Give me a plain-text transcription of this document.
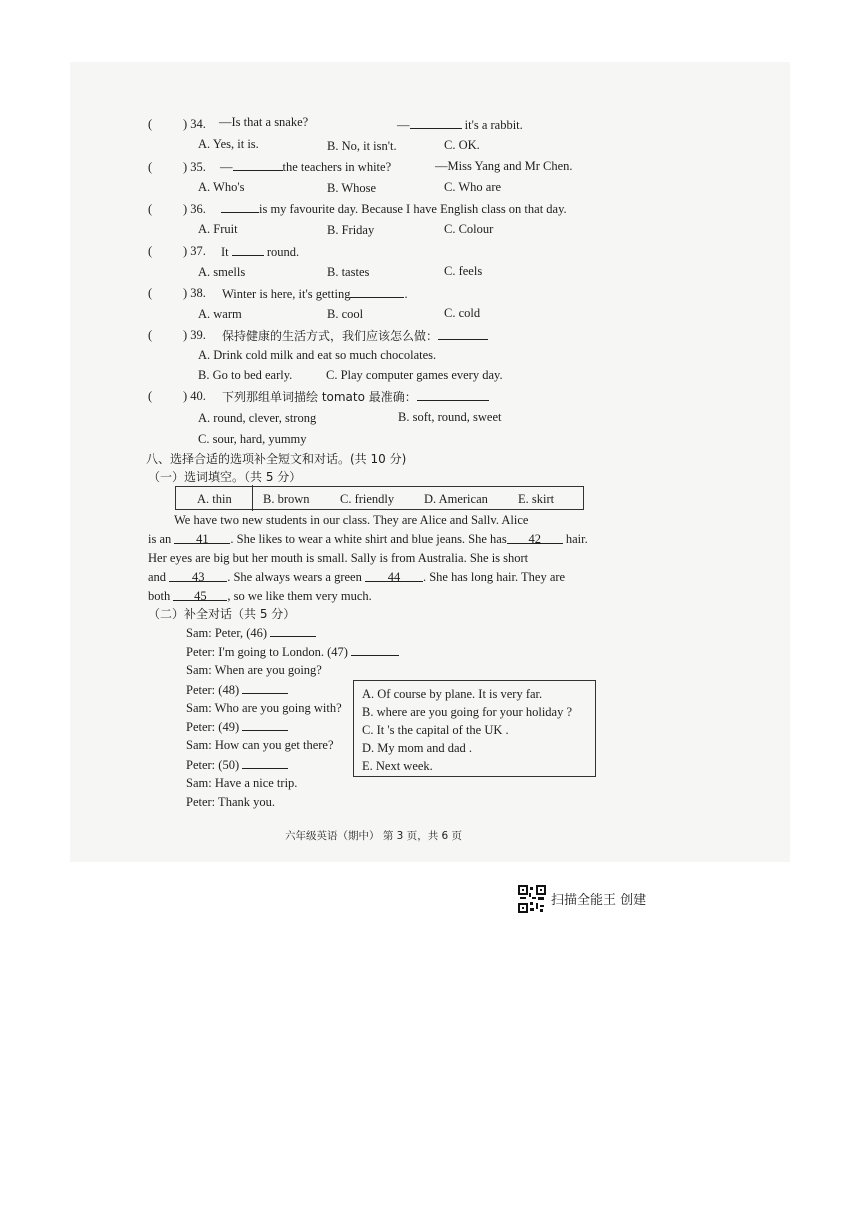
( ) 34. —Is that a snake?	—	it's a rabbit.
A. Yes, it is.	B. No, it isn't.	C. OK.
( ) 35. —	the teachers in white?	—Miss Yang and Mr Chen.
A. Who's	B. Whose	C. Who are
( ) 36.	is my favourite day. Because I have English class on that day.
A. Fruit	B. Friday	C. Colour
( ) 37. It	round.
A. smells	B. tastes	C. feels
( ) 38. Winter is here, it's getting	.
A. warm	B. cool	C. cold
( ) 39. 保持健康的生活方式，我们应该怎么做：
A. Drink cold milk and eat so much chocolates.
B. Go to bed early.	C. Play computer games every day.
( ) 40. 下列那组单词描绘 tomato 最准确：
A. round, clever, strong	B. soft, round, sweet
C. sour, hard, yummy
八、选择合适的选项补全短文和对话。(共 10 分)
（一）选词填空。（共 5 分）
A. thin	B. brown C. friendly D. American E. skirt
We have two new students in our class. They are Alice and Sallv. Alice
is an 41 . She likes to wear a white shirt and blue jeans. She has 42 hair.
Her eyes are big but her mouth is small. Sally is from Australia. She is short
and 43 . She always wears a green 44 . She has long hair. They are
both 45 , so we like them very much.
（二）补全对话（共 5 分）
Sam: Peter, (46)
Peter: I'm going to London. (47)
Sam: When are you going?
Peter: (48)
Sam: Who are you going with?
Peter: (49)
Sam: How can you get there?
Peter: (50)
Sam: Have a nice trip.
Peter: Thank you.
A. Of course by plane. It is very far.
B. where are you going for your holiday ?
C. It 's the capital of the UK .
D. My mom and dad .
E. Next week.
六年级英语（期中） 第 3 页，共 6 页
扫描全能王 创建
